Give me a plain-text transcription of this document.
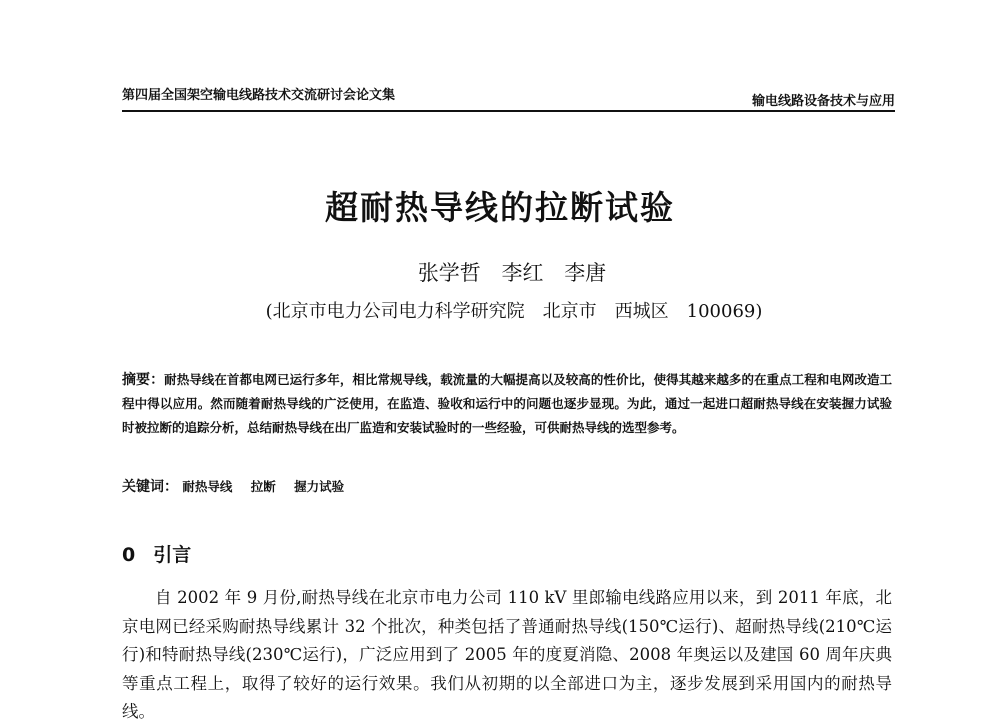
第四届全国架空输电线路技术交流研讨会论文集	输电线路设备技术与应用
超耐热导线的拉断试验
张学哲 李红 李唐
(北京市电力公司电力科学研究院　北京市　西城区　100069)
摘要：耐热导线在首都电网已运行多年，相比常规导线，载流量的大幅提高以及较高的性价比，使得其越来越多的在重点工程和电网改造工程中得以应用。然而随着耐热导线的广泛使用，在监造、验收和运行中的问题也逐步显现。为此，通过一起进口超耐热导线在安装握力试验时被拉断的追踪分析，总结耐热导线在出厂监造和安装试验时的一些经验，可供耐热导线的选型参考。
关键词： 耐热导线 拉断 握力试验
0 引言

自 2002 年 9 月份,耐热导线在北京市电力公司 110 kV 里郎输电线路应用以来，到 2011 年底，北京电网已经采购耐热导线累计 32 个批次，种类包括了普通耐热导线(150℃运行)、超耐热导线(210℃运行)和特耐热导线(230℃运行)，广泛应用到了 2005 年的度夏消隐、2008 年奥运以及建国 60 周年庆典等重点工程上，取得了较好的运行效果。我们从初期的以全部进口为主，逐步发展到采用国内的耐热导线。
